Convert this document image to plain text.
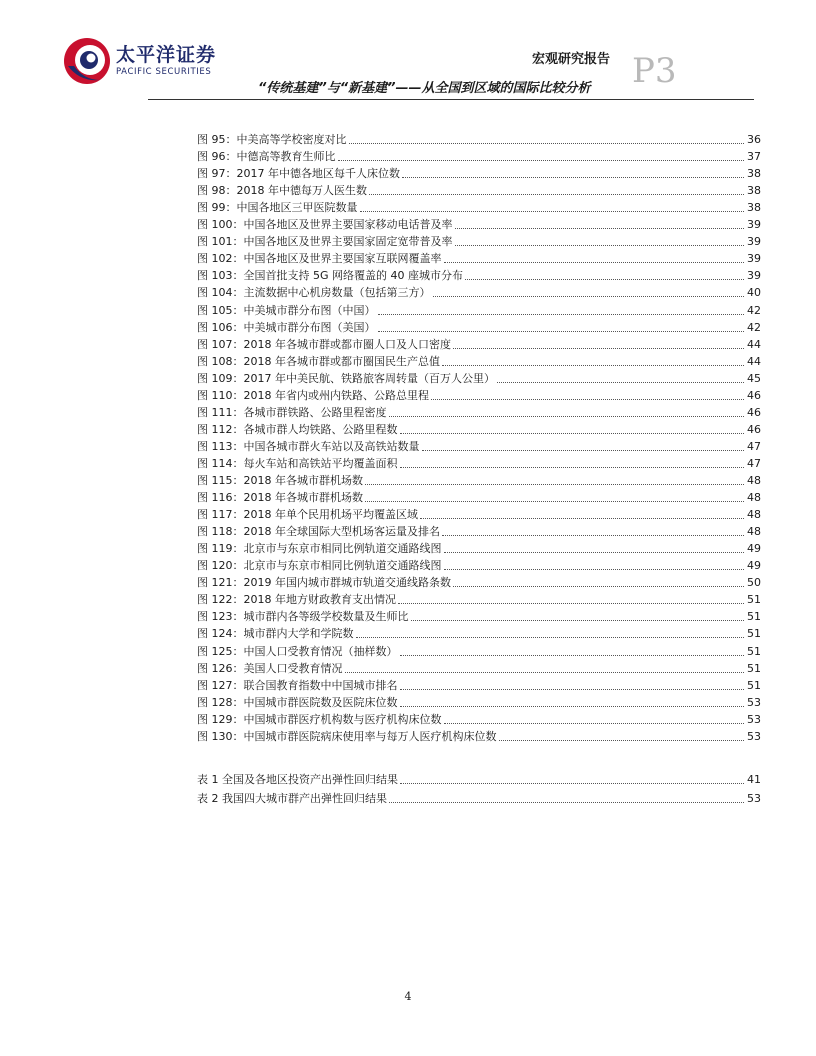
太平洋证券
PACIFIC SECURITIES
宏观研究报告 P3
“传统基建”与“新基建”——从全国到区域的国际比较分析
图 95：中美高等学校密度对比	36
图 96：中德高等教育生师比	37
图 97：2017 年中德各地区每千人床位数	38
图 98：2018 年中德每万人医生数	38
图 99：中国各地区三甲医院数量	38
图 100：中国各地区及世界主要国家移动电话普及率	39
图 101：中国各地区及世界主要国家固定宽带普及率	39
图 102：中国各地区及世界主要国家互联网覆盖率	39
图 103：全国首批支持 5G 网络覆盖的 40 座城市分布	39
图 104：主流数据中心机房数量（包括第三方）	40
图 105：中美城市群分布图（中国）	42
图 106：中美城市群分布图（美国）	42
图 107：2018 年各城市群或都市圈人口及人口密度	44
图 108：2018 年各城市群或都市圈国民生产总值	44
图 109：2017 年中美民航、铁路旅客周转量（百万人公里）	45
图 110：2018 年省内或州内铁路、公路总里程	46
图 111：各城市群铁路、公路里程密度	46
图 112：各城市群人均铁路、公路里程数	46
图 113：中国各城市群火车站以及高铁站数量	47
图 114：每火车站和高铁站平均覆盖面积	47
图 115：2018 年各城市群机场数	48
图 116：2018 年各城市群机场数	48
图 117：2018 年单个民用机场平均覆盖区域	48
图 118：2018 年全球国际大型机场客运量及排名	48
图 119：北京市与东京市相同比例轨道交通路线图	49
图 120：北京市与东京市相同比例轨道交通路线图	49
图 121：2019 年国内城市群城市轨道交通线路条数	50
图 122：2018 年地方财政教育支出情况	51
图 123：城市群内各等级学校数量及生师比	51
图 124：城市群内大学和学院数	51
图 125：中国人口受教育情况（抽样数）	51
图 126：美国人口受教育情况	51
图 127：联合国教育指数中中国城市排名	51
图 128：中国城市群医院数及医院床位数	53
图 129：中国城市群医疗机构数与医疗机构床位数	53
图 130：中国城市群医院病床使用率与每万人医疗机构床位数	53
表 1 全国及各地区投资产出弹性回归结果	41
表 2 我国四大城市群产出弹性回归结果	53
4
